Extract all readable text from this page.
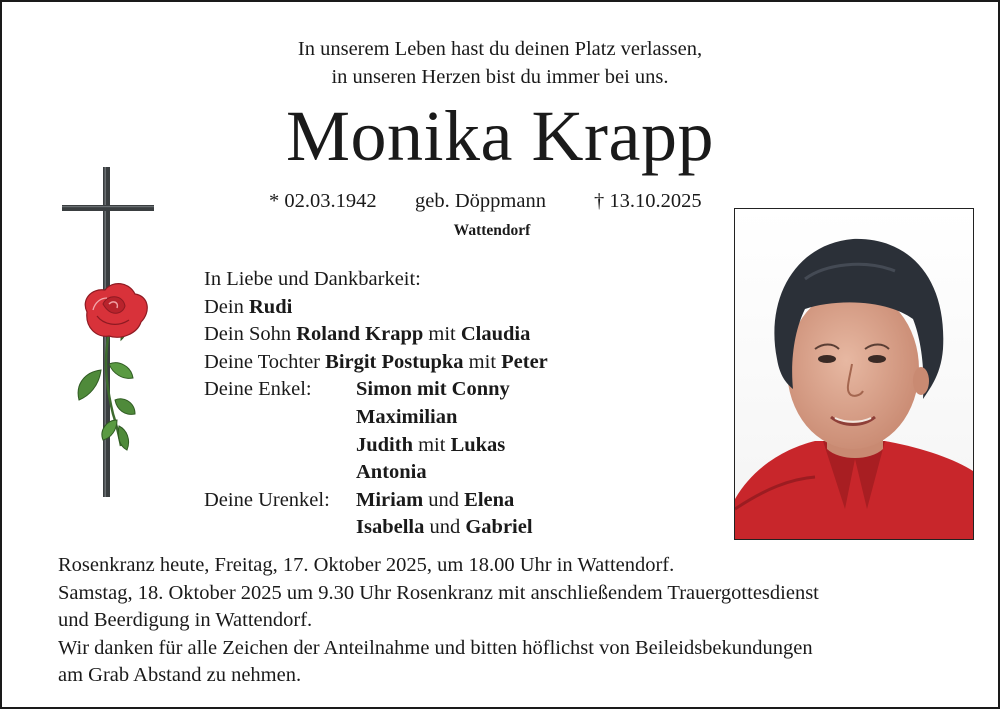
In unserem Leben hast du deinen Platz verlassen,
in unseren Herzen bist du immer bei uns.
Monika Krapp
* 02.03.1942 geb. Döppmann † 13.10.2025
Wattendorf
In Liebe und Dankbarkeit:
Dein Rudi
Dein Sohn Roland Krapp mit Claudia
Deine Tochter Birgit Postupka mit Peter
Deine Enkel: Simon mit Conny
Maximilian
Judith mit Lukas
Antonia
Deine Urenkel: Miriam und Elena
Isabella und Gabriel
Rosenkranz heute, Freitag, 17. Oktober 2025, um 18.00 Uhr in Wattendorf.
Samstag, 18. Oktober 2025 um 9.30 Uhr Rosenkranz mit anschließendem Trauergottesdienst
und Beerdigung in Wattendorf.
Wir danken für alle Zeichen der Anteilnahme und bitten höflichst von Beileidsbekundungen
am Grab Abstand zu nehmen.
